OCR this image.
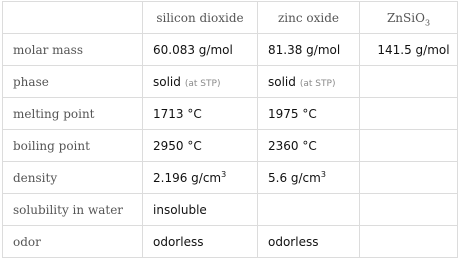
	silicon dioxide	zinc oxide	ZnSiO$_3$
molar mass	60.083 g/mol	81.38 g/mol	141.5 g/mol
phase	solid (at STP)	solid (at STP)	
melting point	1713 °C	1975 °C	
boiling point	2950 °C	2360 °C	
density	2.196 $g/cm^3$	5.6 $g/cm^3$	
solubility in water	insoluble		
odor	odorless	odorless	
